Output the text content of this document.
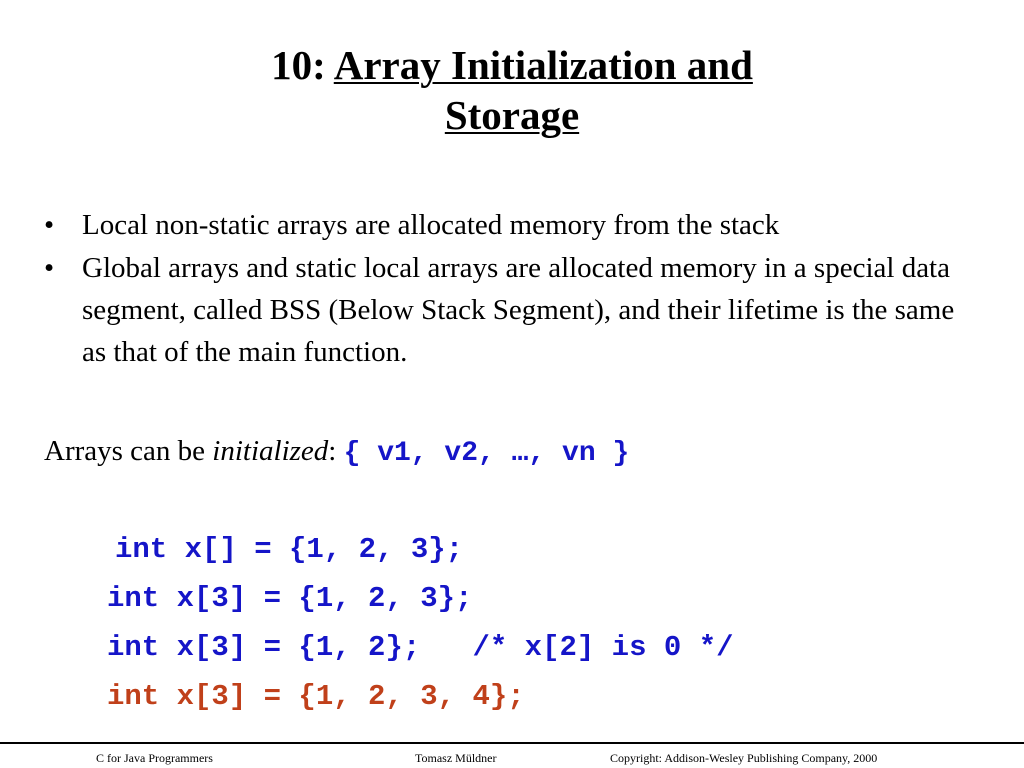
10: Array Initialization and
Storage
• Local non-static arrays are allocated memory from the stack
• Global arrays and static local arrays are allocated memory in a special data segment, called BSS (Below Stack Segment), and their lifetime is the same as that of the main function.
Arrays can be initialized: { v1, v2, …, vn }
int x[] = {1, 2, 3};
int x[3] = {1, 2, 3};
int x[3] = {1, 2};   /* x[2] is 0 */
int x[3] = {1, 2, 3, 4};
C for Java Programmers	Tomasz Müldner	Copyright: Addison-Wesley Publishing Company, 2000
